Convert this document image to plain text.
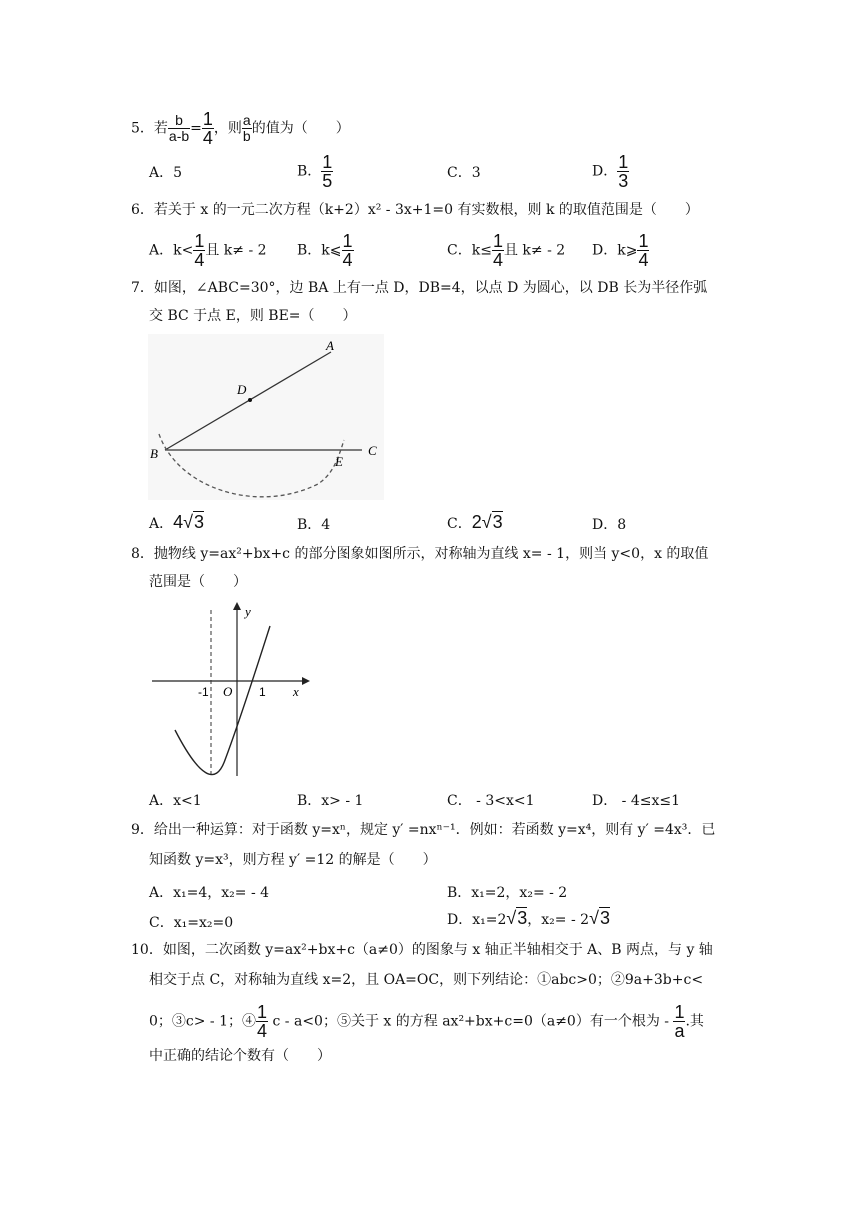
5．若 $\frac{b}{a-b} = \frac{1}{4}$ ，则 $\frac{a}{b}$ 的值为（　　）
A．5	B． $\frac{1}{5}$	C．3	D． $\frac{1}{3}$
6．若关于 x 的一元二次方程（k+2）x² - 3x+1=0 有实数根，则 k 的取值范围是（　　）
A．$k< \frac{1}{4}$ 且 k≠ - 2 B．k⩽ $\frac{1}{4}$	C．$k\le \frac{1}{4}$ 且 k≠ - 2 D．k⩾ $\frac{1}{4}$
7．如图，∠ABC=30°，边 BA 上有一点 D，DB=4，以点 D 为圆心，以 DB 长为半径作弧
交 BC 于点 E，则 BE=（　　）
A
D
B
E
C
A．4√3	B．4	C．2√3	D．8
8．抛物线 y=ax²+bx+c 的部分图象如图所示，对称轴为直线 x= - 1，则当 y<0，x 的取值
范围是（　　）
y
x
O
-1	1
A．x<1	B．x> - 1	C． - 3<x<1	D． - 4≤x≤1
9．给出一种运算：对于函数 y=xⁿ，规定 y′ =nxⁿ⁻¹．例如：若函数 y=x⁴，则有 y′ =4x³．已
知函数 y=x³，则方程 y′ =12 的解是（　　）
A．x₁=4，x₂= - 4	B．x₁=2，x₂= - 2
C．x₁=x₂=0	D．x₁=2√3，x₂= - 2√3
10．如图，二次函数 y=ax²+bx+c（a≠0）的图象与 x 轴正半轴相交于 A、B 两点，与 y 轴
相交于点 C，对称轴为直线 x=2，且 OA=OC，则下列结论：①abc>0；②9a+3b+c<
0；③c> - 1；④ $\frac{1}{4}$ c - a<0；⑤关于 x 的方程 ax²+bx+c=0（a≠0）有一个根为 - $\frac{1}{a}$ .其
中正确的结论个数有（　　）
